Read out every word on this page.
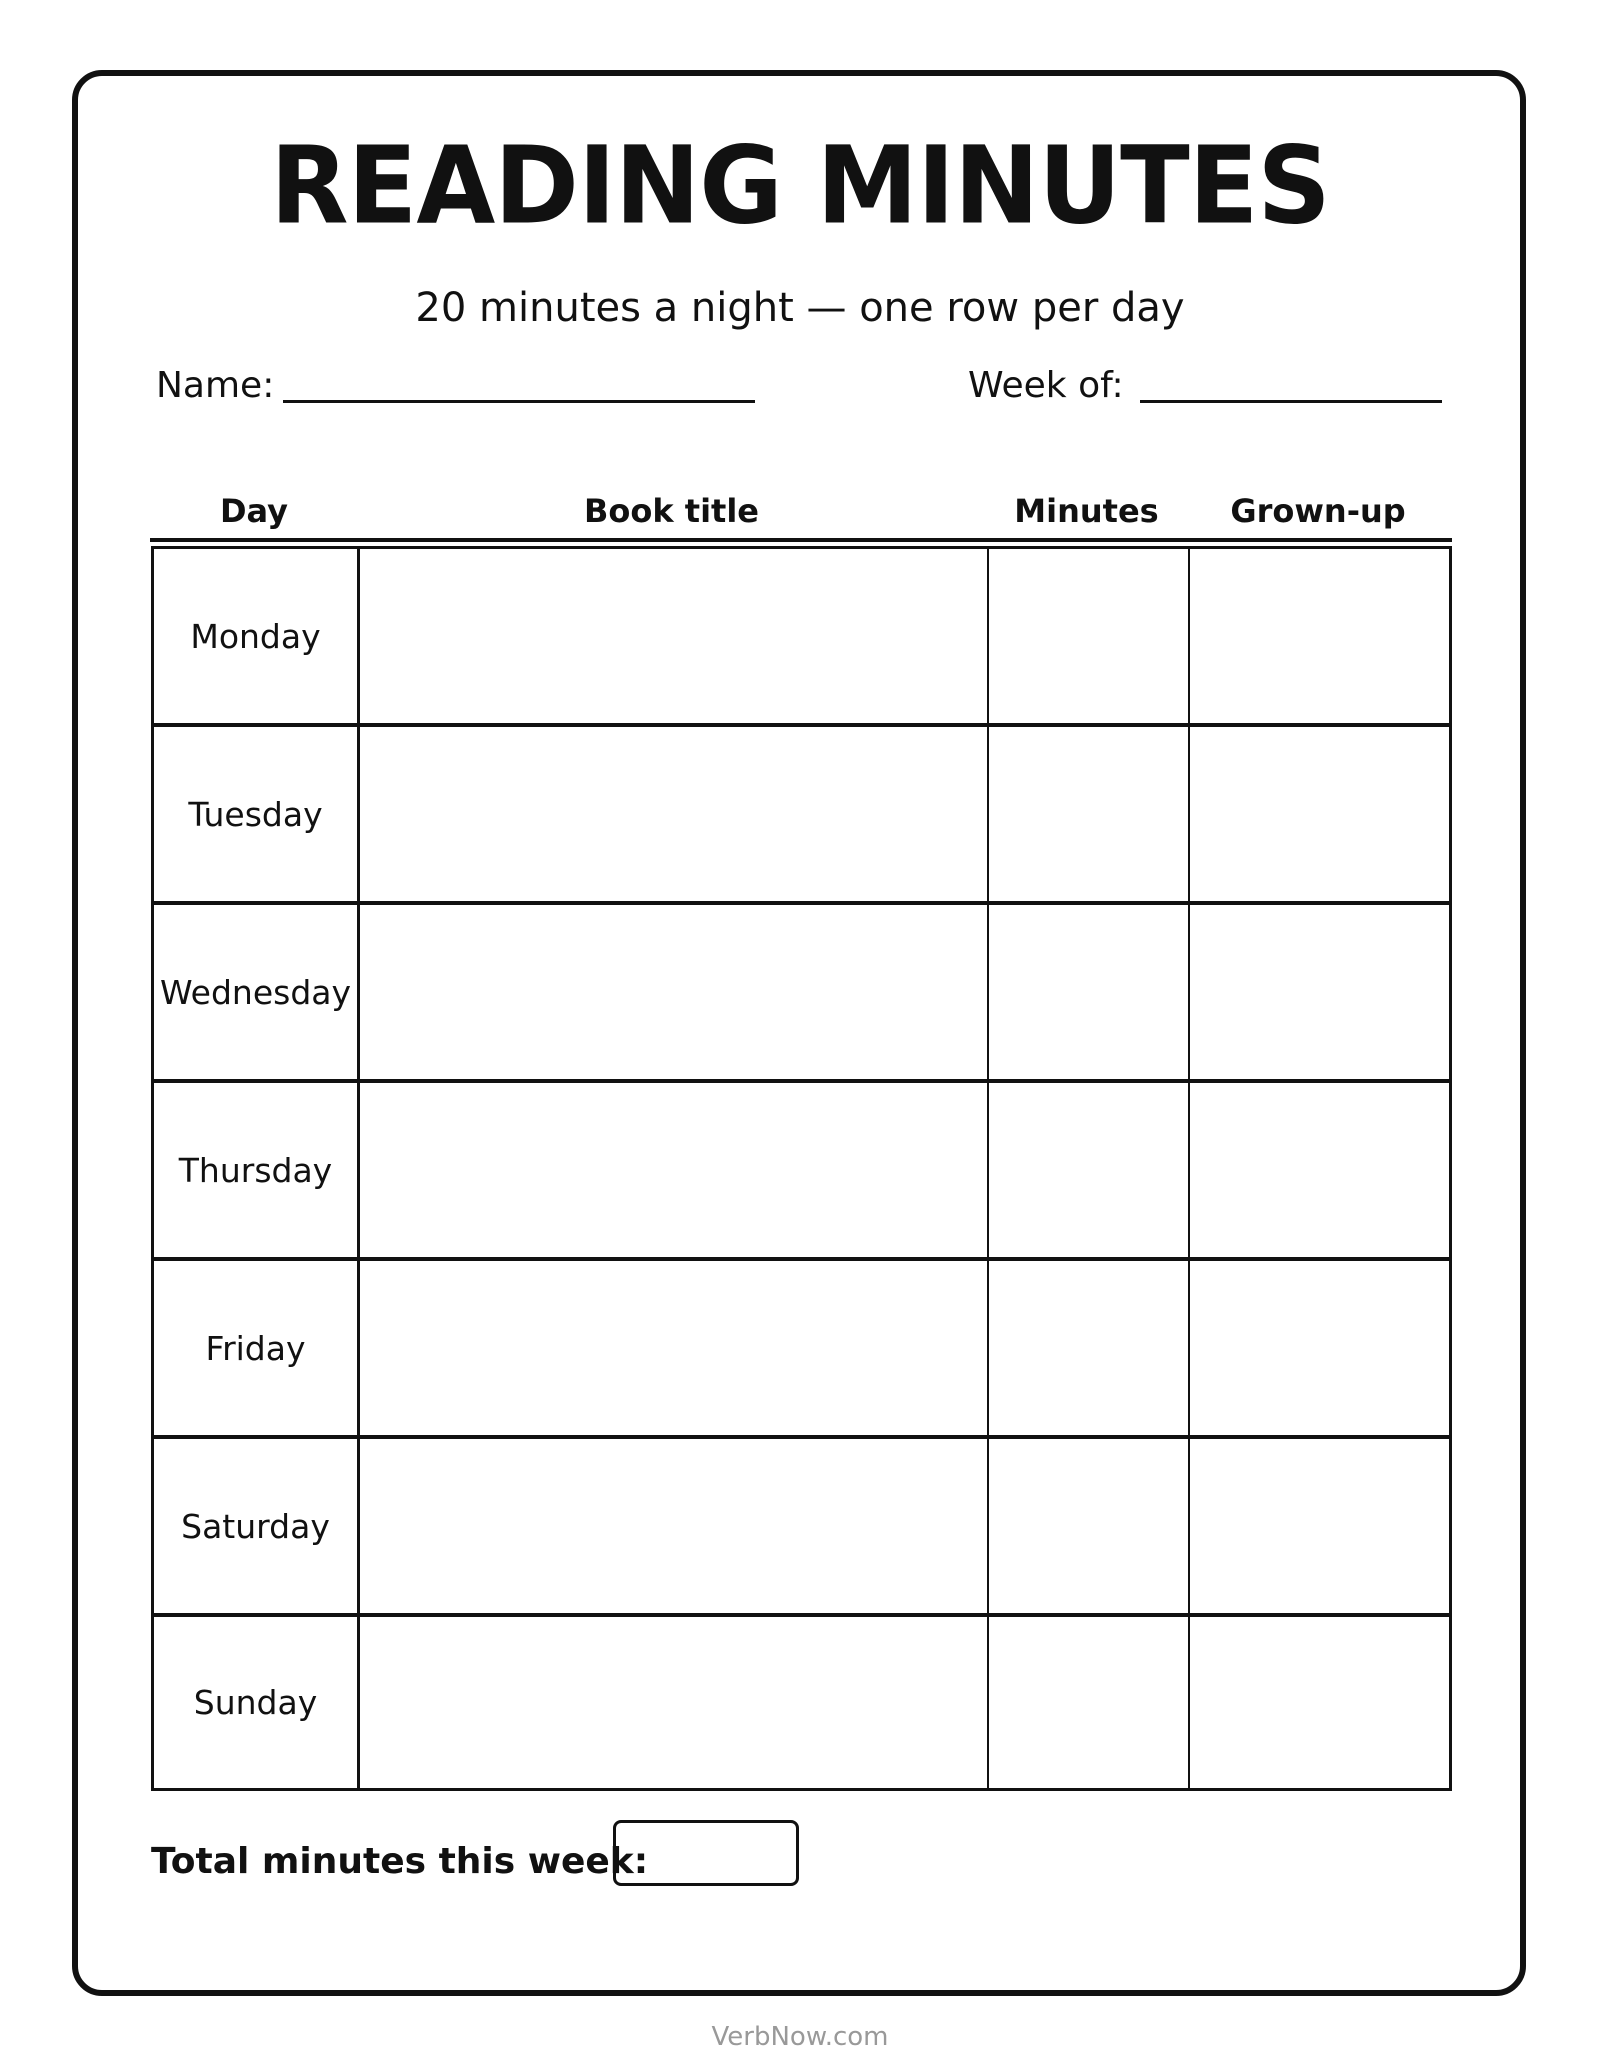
READING MINUTES
20 minutes a night — one row per day
Name:	Week of:
Day	Book title	Minutes	Grown-up
Monday
Tuesday
Wednesday
Thursday
Friday
Saturday
Sunday
Total minutes this week:
VerbNow.com
